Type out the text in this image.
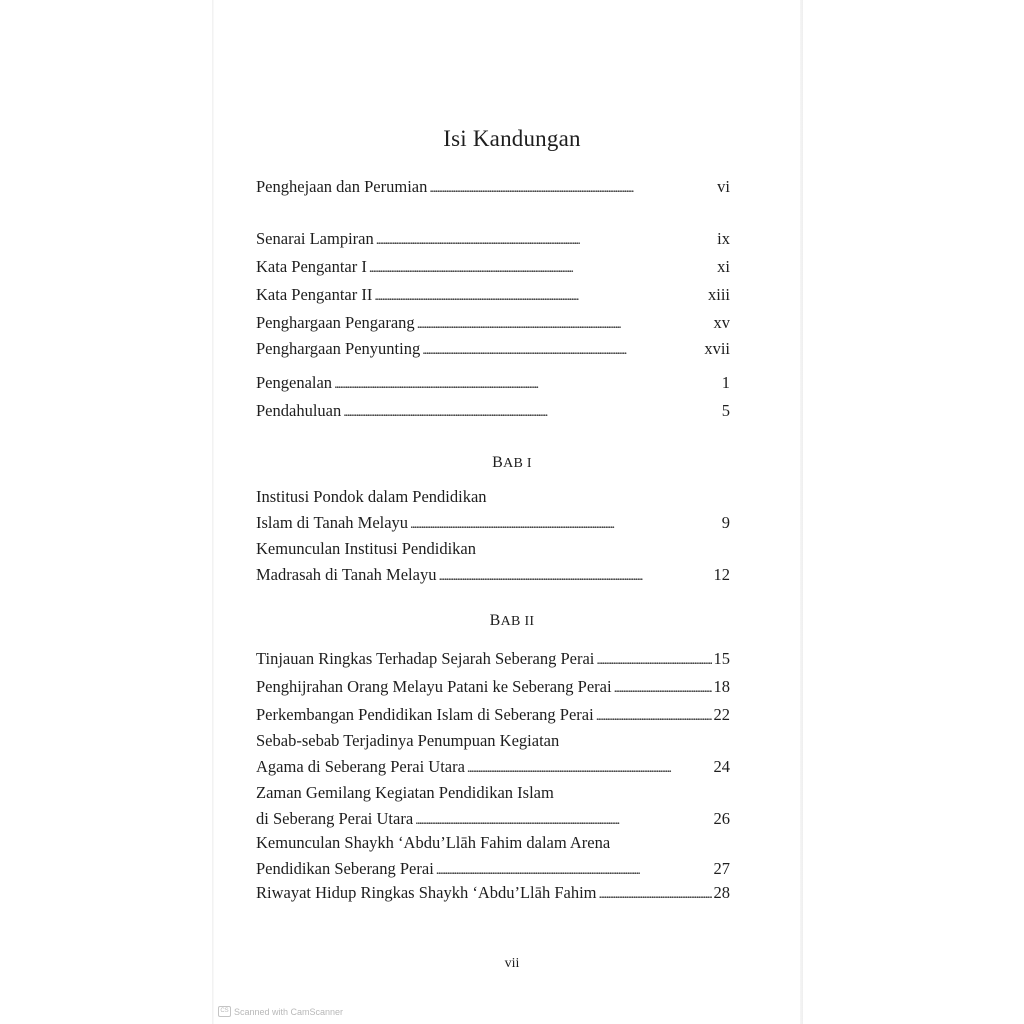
Isi Kandungan
Penghejaan dan Perumian . . .	vi
Senarai Lampiran . . .	ix
Kata Pengantar I . . .	xi
Kata Pengantar II . . .	xiii
Penghargaan Pengarang . . .	xv
Penghargaan Penyunting . . .	xvii
Pengenalan . . .	1
Pendahuluan . . .	5
Institusi Pondok dalam Pendidikan
Islam di Tanah Melayu . . .	9
Kemunculan Institusi Pendidikan
Madrasah di Tanah Melayu . . .	12
Tinjauan Ringkas Terhadap Sejarah Seberang Perai . . .	15
Penghijrahan Orang Melayu Patani ke Seberang Perai . . .	18
Perkembangan Pendidikan Islam di Seberang Perai . . .	22
Sebab-sebab Terjadinya Penumpuan Kegiatan
Agama di Seberang Perai Utara . . .	24
Zaman Gemilang Kegiatan Pendidikan Islam
di Seberang Perai Utara . . .	26
Kemunculan Shaykh ‘Abdu’Llāh Fahim dalam Arena
Pendidikan Seberang Perai . . .	27
Riwayat Hidup Ringkas Shaykh ‘Abdu’Llāh Fahim . . .	28
BAB I
BAB II
vii
CS Scanned with CamScanner
